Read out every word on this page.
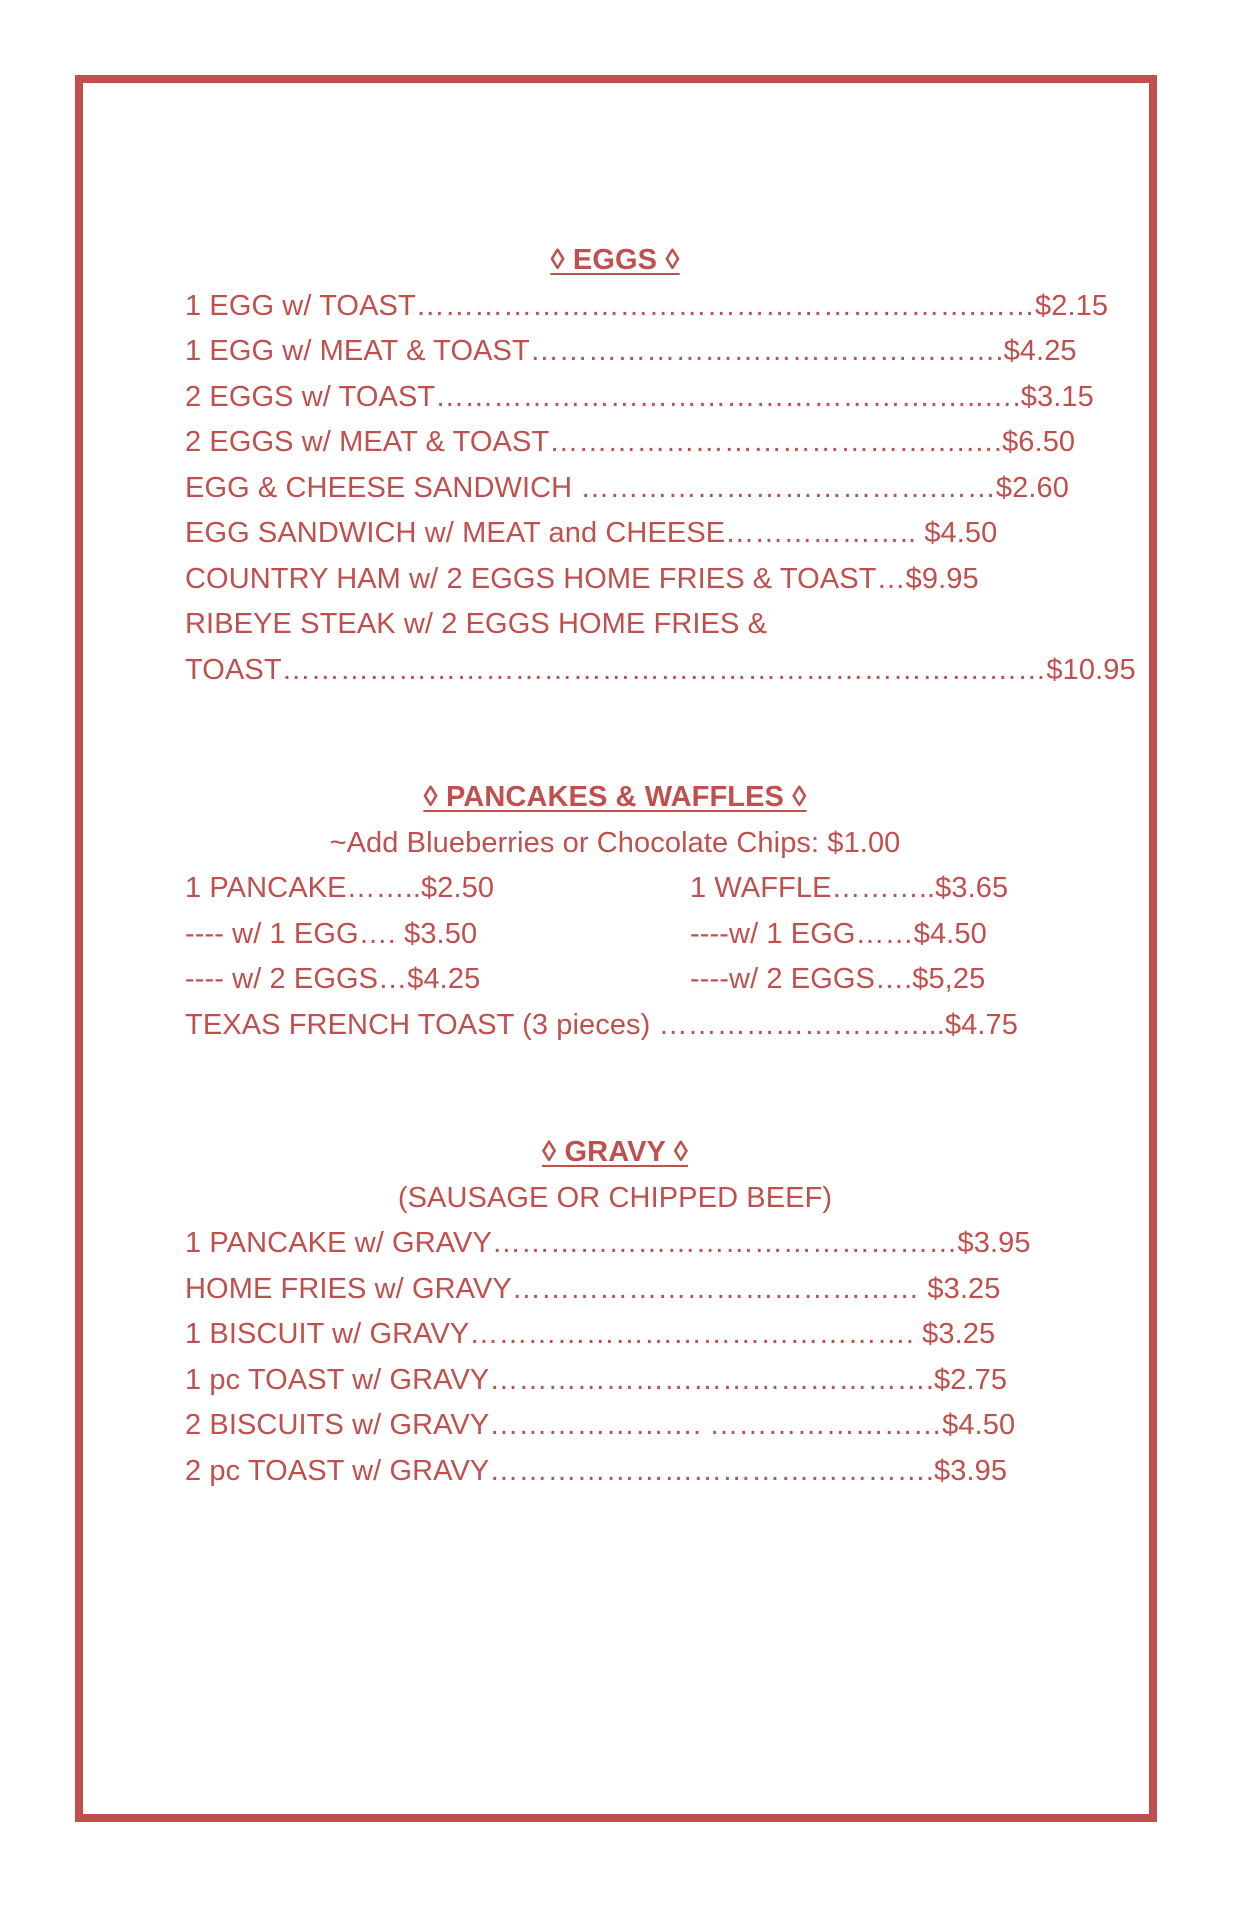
◊ EGGS ◊
1 EGG w/ TOAST………………………………………………….……$2.15
1 EGG w/ MEAT & TOAST………………………………………….$4.25
2 EGGS w/ TOAST…………………………………………….…..….$3.15
2 EGGS w/ MEAT & TOAST…………………………………….….$6.50
EGG & CHEESE SANDWICH ……………………………….……$2.60
EGG SANDWICH w/ MEAT and CHEESE……………….. $4.50
COUNTRY HAM w/ 2 EGGS HOME FRIES & TOAST…$9.95
RIBEYE STEAK w/ 2 EGGS HOME FRIES &
TOAST……………………………………………………………….……$10.95
◊ PANCAKES & WAFFLES ◊
~Add Blueberries or Chocolate Chips: $1.00
1 PANCAKE……..$2.50	1 WAFFLE………..$3.65
---- w/ 1 EGG…. $3.50	----w/ 1 EGG……$4.50
---- w/ 2 EGGS…$4.25	----w/ 2 EGGS….$5,25
TEXAS FRENCH TOAST (3 pieces) ………………………...$4.75
◊ GRAVY ◊
(SAUSAGE OR CHIPPED BEEF)
1 PANCAKE w/ GRAVY…………………………………………$3.95
HOME FRIES w/ GRAVY…………………………………… $3.25
1 BISCUIT w/ GRAVY………………………………………. $3.25
1 pc TOAST w/ GRAVY……………………………………….$2.75
2 BISCUITS w/ GRAVY…………………. ……………………$4.50
2 pc TOAST w/ GRAVY……………………………………….$3.95
